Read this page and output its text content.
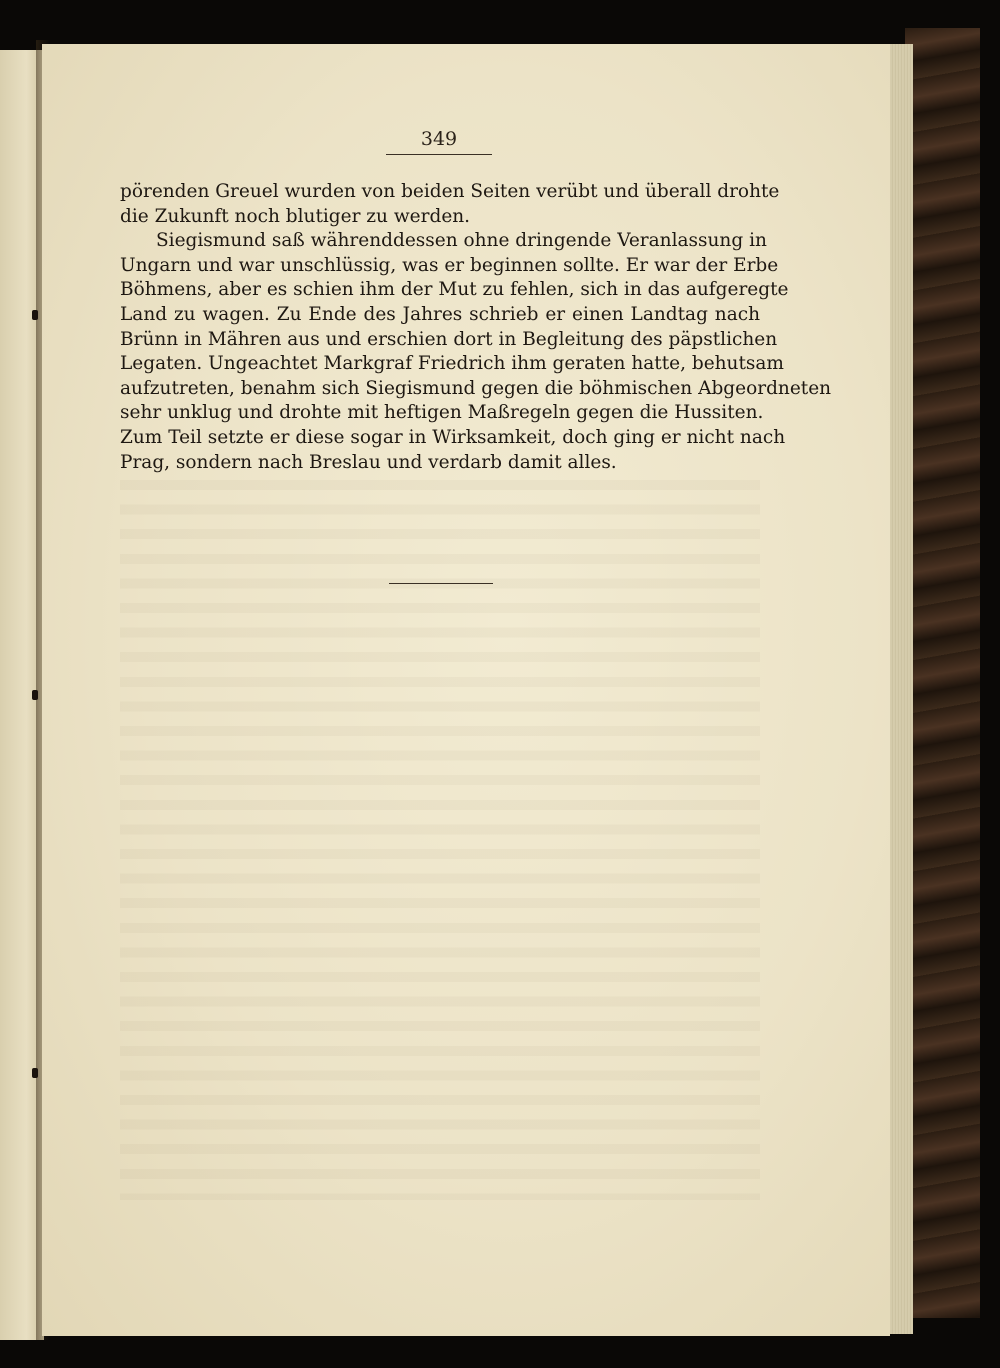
349
pörenden Greuel wurden von beiden Seiten verübt und überall drohte
die Zukunft noch blutiger zu werden.
Siegismund saß währenddessen ohne dringende Veranlassung in
Ungarn und war unschlüssig, was er beginnen sollte. Er war der Erbe
Böhmens, aber es schien ihm der Mut zu fehlen, sich in das aufgeregte
Land zu wagen. Zu Ende des Jahres schrieb er einen Landtag nach
Brünn in Mähren aus und erschien dort in Begleitung des päpstlichen
Legaten. Ungeachtet Markgraf Friedrich ihm geraten hatte, behutsam
aufzutreten, benahm sich Siegismund gegen die böhmischen Abgeordneten
sehr unklug und drohte mit heftigen Maßregeln gegen die Hussiten.
Zum Teil setzte er diese sogar in Wirksamkeit, doch ging er nicht nach
Prag, sondern nach Breslau und verdarb damit alles.
